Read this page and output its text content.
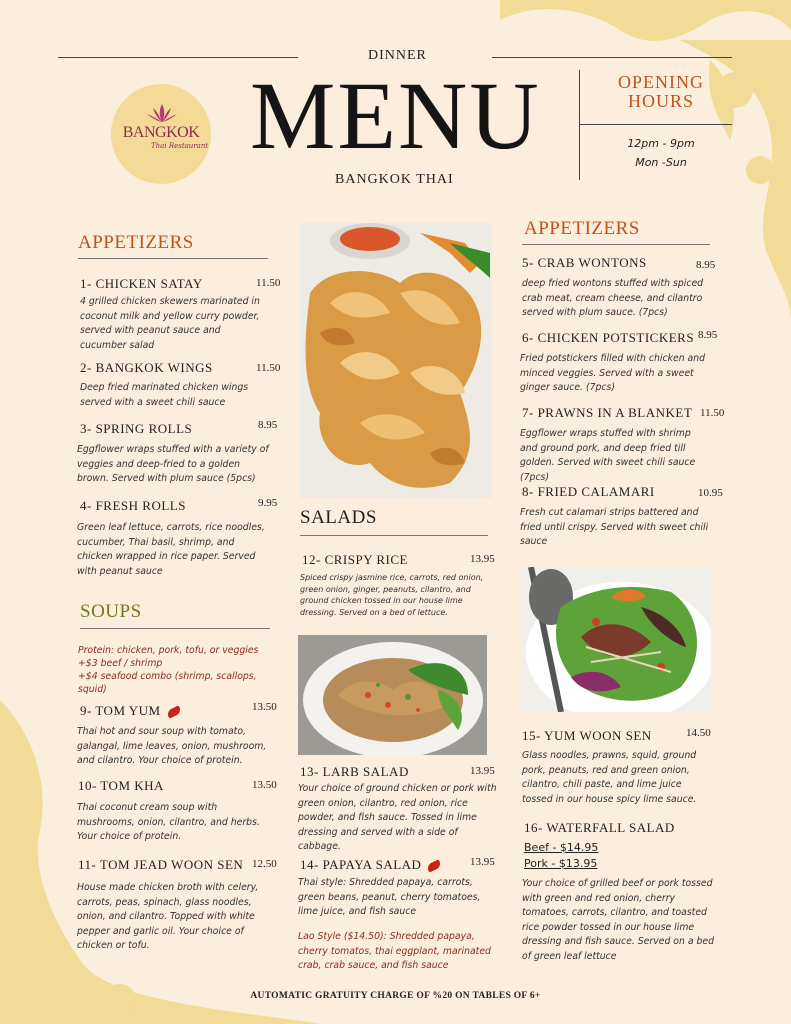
DINNER
MENU
BANGKOK THAI
BANGKOK
Thai Restaurant
OPENING
HOURS
12pm - 9pm
Mon -Sun
APPETIZERS
1- CHICKEN SATAY	11.50
4 grilled chicken skewers marinated in coconut milk and yellow curry powder, served with peanut sauce and cucumber salad
2- BANGKOK WINGS	11.50
Deep fried marinated chicken wings served with a sweet chili sauce
3- SPRING ROLLS	8.95
Eggflower wraps stuffed with a variety of veggies and deep-fried to a golden brown. Served with plum sauce (5pcs)
4- FRESH ROLLS	9.95
Green leaf lettuce, carrots, rice noodles, cucumber, Thai basil, shrimp, and chicken wrapped in rice paper. Served with peanut sauce
SOUPS
Protein: chicken, pork, tofu, or veggies
+$3 beef / shrimp
+$4 seafood combo (shrimp, scallops, squid)
9- TOM YUM	13.50
Thai hot and sour soup with tomato, galangal, lime leaves, onion, mushroom, and cilantro. Your choice of protein.
10- TOM KHA	13.50
Thai coconut cream soup with mushrooms, onion, cilantro, and herbs. Your choice of protein.
11- TOM JEAD WOON SEN 12.50
House made chicken broth with celery, carrots, peas, spinach, glass noodles, onion, and cilantro. Topped with white pepper and garlic oil. Your choice of chicken or tofu.
SALADS
12- CRISPY RICE	13.95
Spiced crispy jasmine rice, carrots, red onion, green onion, ginger, peanuts, cilantro, and ground chicken tossed in our house lime dressing. Served on a bed of lettuce.
13- LARB SALAD	13.95
Your choice of ground chicken or pork with green onion, cilantro, red onion, rice powder, and fish sauce. Tossed in lime dressing and served with a side of cabbage.
14- PAPAYA SALAD	13.95
Thai style: Shredded papaya, carrots, green beans, peanut, cherry tomatoes, lime juice, and fish sauce
Lao Style ($14.50): Shredded papaya, cherry tomatos, thai eggplant, marinated crab, crab sauce, and fish sauce
APPETIZERS
5- CRAB WONTONS	8.95
deep fried wontons stuffed with spiced crab meat, cream cheese, and cilantro served with plum sauce. (7pcs)
6- CHICKEN POTSTICKERS 8.95
Fried potstickers filled with chicken and minced veggies. Served with a sweet ginger sauce. (7pcs)
7- PRAWNS IN A BLANKET 11.50
Eggflower wraps stuffed with shrimp and ground pork, and deep fried till golden. Served with sweet chili sauce (7pcs)
8- FRIED CALAMARI	10.95
Fresh cut calamari strips battered and fried until crispy. Served with sweet chili sauce
15- YUM WOON SEN	14.50
Glass noodles, prawns, squid, ground pork, peanuts, red and green onion, cilantro, chili paste, and lime juice tossed in our house spicy lime sauce.
16- WATERFALL SALAD
Beef - $14.95
Pork - $13.95
Your choice of grilled beef or pork tossed with green and red onion, cherry tomatoes, carrots, cilantro, and toasted rice powder tossed in our house lime dressing and fish sauce. Served on a bed of green leaf lettuce
AUTOMATIC GRATUITY CHARGE OF %20 ON TABLES OF 6+
